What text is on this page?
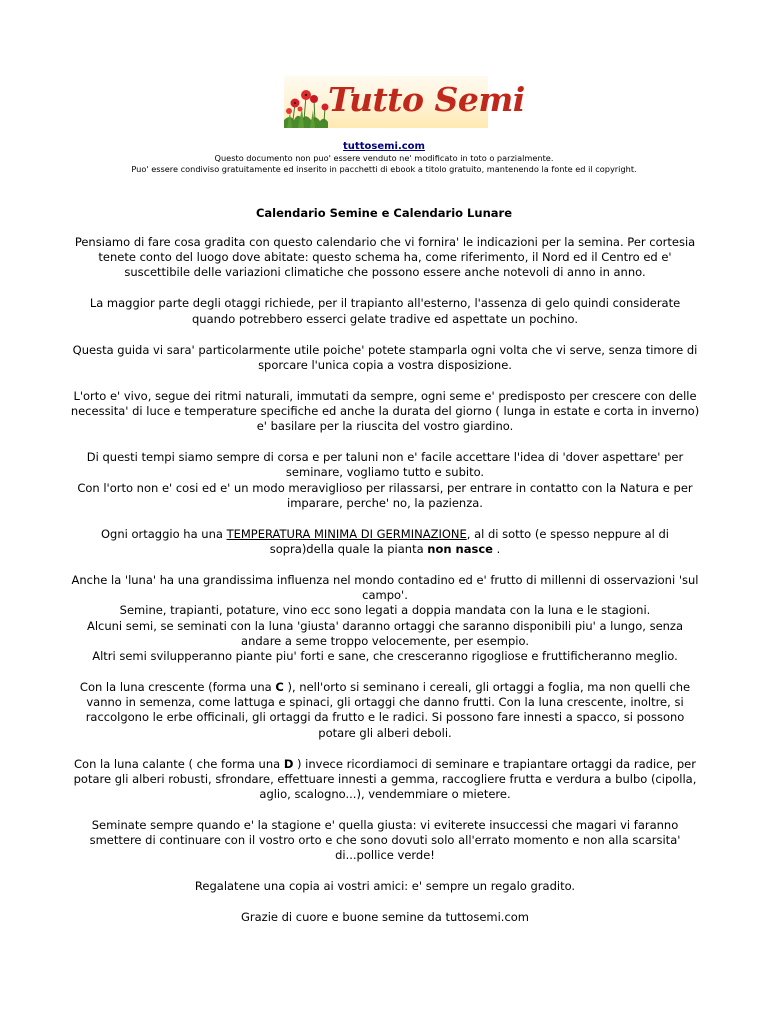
Tutto Semi
tuttosemi.com
Questo documento non puo' essere venduto ne' modificato in toto o parzialmente.
Puo' essere condiviso gratuitamente ed inserito in pacchetti di ebook a titolo gratuito, mantenendo la fonte ed il copyright.
Calendario Semine e Calendario Lunare

Pensiamo di fare cosa gradita con questo calendario che vi fornira' le indicazioni per la semina. Per cortesia tenete conto del luogo dove abitate: questo schema ha, come riferimento, il Nord ed il Centro ed e' suscettibile delle variazioni climatiche che possono essere anche notevoli di anno in anno.

La maggior parte degli otaggi richiede, per il trapianto all'esterno, l'assenza di gelo quindi considerate quando potrebbero esserci gelate tradive ed aspettate un pochino.

Questa guida vi sara' particolarmente utile poiche' potete stamparla ogni volta che vi serve, senza timore di sporcare l'unica copia a vostra disposizione.

L'orto e' vivo, segue dei ritmi naturali, immutati da sempre, ogni seme e' predisposto per crescere con delle necessita' di luce e temperature specifiche ed anche la durata del giorno ( lunga in estate e corta in inverno) e' basilare per la riuscita del vostro giardino.

Di questi tempi siamo sempre di corsa e per taluni non e' facile accettare l'idea di 'dover aspettare' per seminare, vogliamo tutto e subito.
Con l'orto non e' cosi ed e' un modo meraviglioso per rilassarsi, per entrare in contatto con la Natura e per imparare, perche' no, la pazienza.

Ogni ortaggio ha una TEMPERATURA MINIMA DI GERMINAZIONE, al di sotto (e spesso neppure al di sopra)della quale la pianta non nasce .

Anche la 'luna' ha una grandissima influenza nel mondo contadino ed e' frutto di millenni di osservazioni 'sul campo'.
Semine, trapianti, potature, vino ecc sono legati a doppia mandata con la luna e le stagioni.
Alcuni semi, se seminati con la luna 'giusta' daranno ortaggi che saranno disponibili piu' a lungo, senza andare a seme troppo velocemente, per esempio.
Altri semi svilupperanno piante piu' forti e sane, che cresceranno rigogliose e fruttificheranno meglio.

Con la luna crescente (forma una C ), nell'orto si seminano i cereali, gli ortaggi a foglia, ma non quelli che vanno in semenza, come lattuga e spinaci, gli ortaggi che danno frutti. Con la luna crescente, inoltre, si raccolgono le erbe officinali, gli ortaggi da frutto e le radici. Si possono fare innesti a spacco, si possono potare gli alberi deboli.

Con la luna calante ( che forma una D ) invece ricordiamoci di seminare e trapiantare ortaggi da radice, per potare gli alberi robusti, sfrondare, effettuare innesti a gemma, raccogliere frutta e verdura a bulbo (cipolla, aglio, scalogno...), vendemmiare o mietere.

Seminate sempre quando e' la stagione e' quella giusta: vi eviterete insuccessi che magari vi faranno smettere di continuare con il vostro orto e che sono dovuti solo all'errato momento e non alla scarsita' di...pollice verde!

Regalatene una copia ai vostri amici: e' sempre un regalo gradito.

Grazie di cuore e buone semine da tuttosemi.com
